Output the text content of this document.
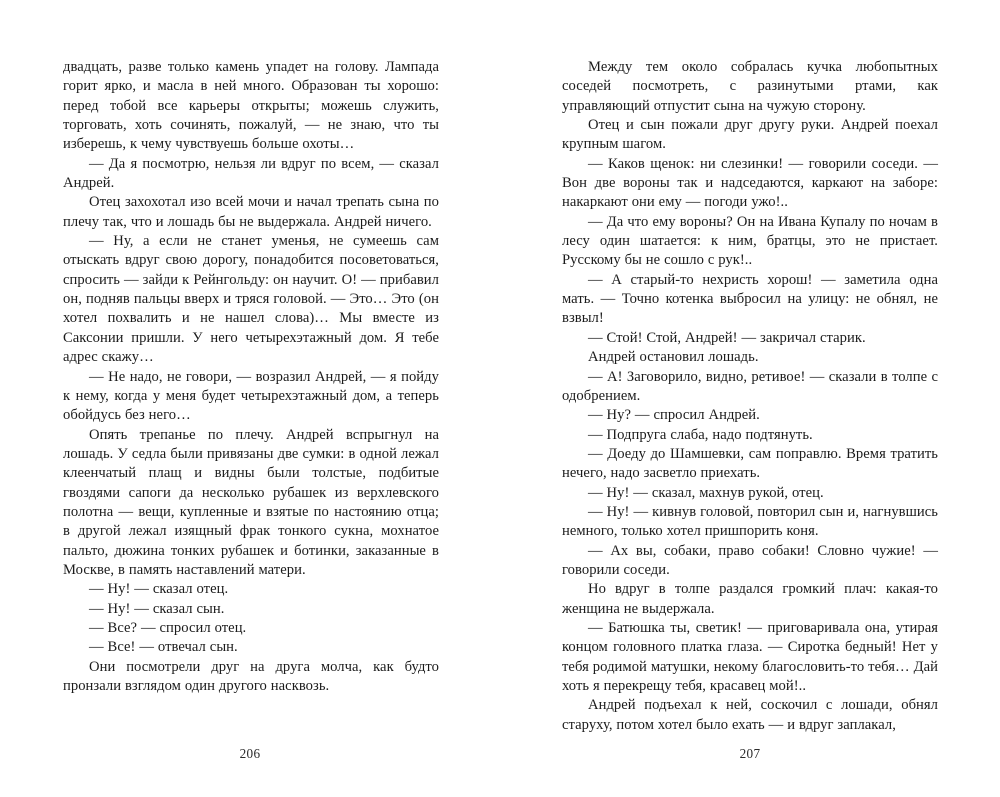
двадцать, разве только камень упадет на голову. Лампада горит ярко, и масла в ней много. Образован ты хорошо: перед тобой все карьеры открыты; можешь служить, торговать, хоть сочинять, пожалуй, — не знаю, что ты изберешь, к чему чувствуешь больше охоты…

— Да я посмотрю, нельзя ли вдруг по всем, — сказал Андрей.

Отец захохотал изо всей мочи и начал трепать сына по плечу так, что и лошадь бы не выдержала. Андрей ничего.

— Ну, а если не станет уменья, не сумеешь сам отыскать вдруг свою дорогу, понадобится посоветоваться, спросить — зайди к Рейнгольду: он научит. О! — прибавил он, подняв пальцы вверх и тряся головой. — Это… Это (он хотел похвалить и не нашел слова)… Мы вместе из Саксонии пришли. У него четырехэтажный дом. Я тебе адрес скажу…

— Не надо, не говори, — возразил Андрей, — я пойду к нему, когда у меня будет четырехэтажный дом, а теперь обойдусь без него…

Опять трепанье по плечу. Андрей вспрыгнул на лошадь. У седла были привязаны две сумки: в одной лежал клеенчатый плащ и видны были толстые, подбитые гвоздями сапоги да несколько рубашек из верхлевского полотна — вещи, купленные и взятые по настоянию отца; в другой лежал изящный фрак тонкого сукна, мохнатое пальто, дюжина тонких рубашек и ботинки, заказанные в Москве, в память наставлений матери.

— Ну! — сказал отец.

— Ну! — сказал сын.

— Все? — спросил отец.

— Все! — отвечал сын.

Они посмотрели друг на друга молча, как будто пронзали взглядом один другого насквозь.

206

Между тем около собралась кучка любопытных соседей посмотреть, с разинутыми ртами, как управляющий отпустит сына на чужую сторону.

Отец и сын пожали друг другу руки. Андрей поехал крупным шагом.

— Каков щенок: ни слезинки! — говорили соседи. — Вон две вороны так и надседаются, каркают на заборе: накаркают они ему — погоди ужо!..

— Да что ему вороны? Он на Ивана Купалу по ночам в лесу один шатается: к ним, братцы, это не пристает. Русскому бы не сошло с рук!..

— А старый-то нехристь хорош! — заметила одна мать. — Точно котенка выбросил на улицу: не обнял, не взвыл!

— Стой! Стой, Андрей! — закричал старик.

Андрей остановил лошадь.

— А! Заговорило, видно, ретивое! — сказали в толпе с одобрением.

— Ну? — спросил Андрей.

— Подпруга слаба, надо подтянуть.

— Доеду до Шамшевки, сам поправлю. Время тратить нечего, надо засветло приехать.

— Ну! — сказал, махнув рукой, отец.

— Ну! — кивнув головой, повторил сын и, нагнувшись немного, только хотел пришпорить коня.

— Ах вы, собаки, право собаки! Словно чужие! — говорили соседи.

Но вдруг в толпе раздался громкий плач: какая-то женщина не выдержала.

— Батюшка ты, светик! — приговаривала она, утирая концом головного платка глаза. — Сиротка бедный! Нет у тебя родимой матушки, некому благословить-то тебя… Дай хоть я перекрещу тебя, красавец мой!..

Андрей подъехал к ней, соскочил с лошади, обнял старуху, потом хотел было ехать — и вдруг заплакал,

207
